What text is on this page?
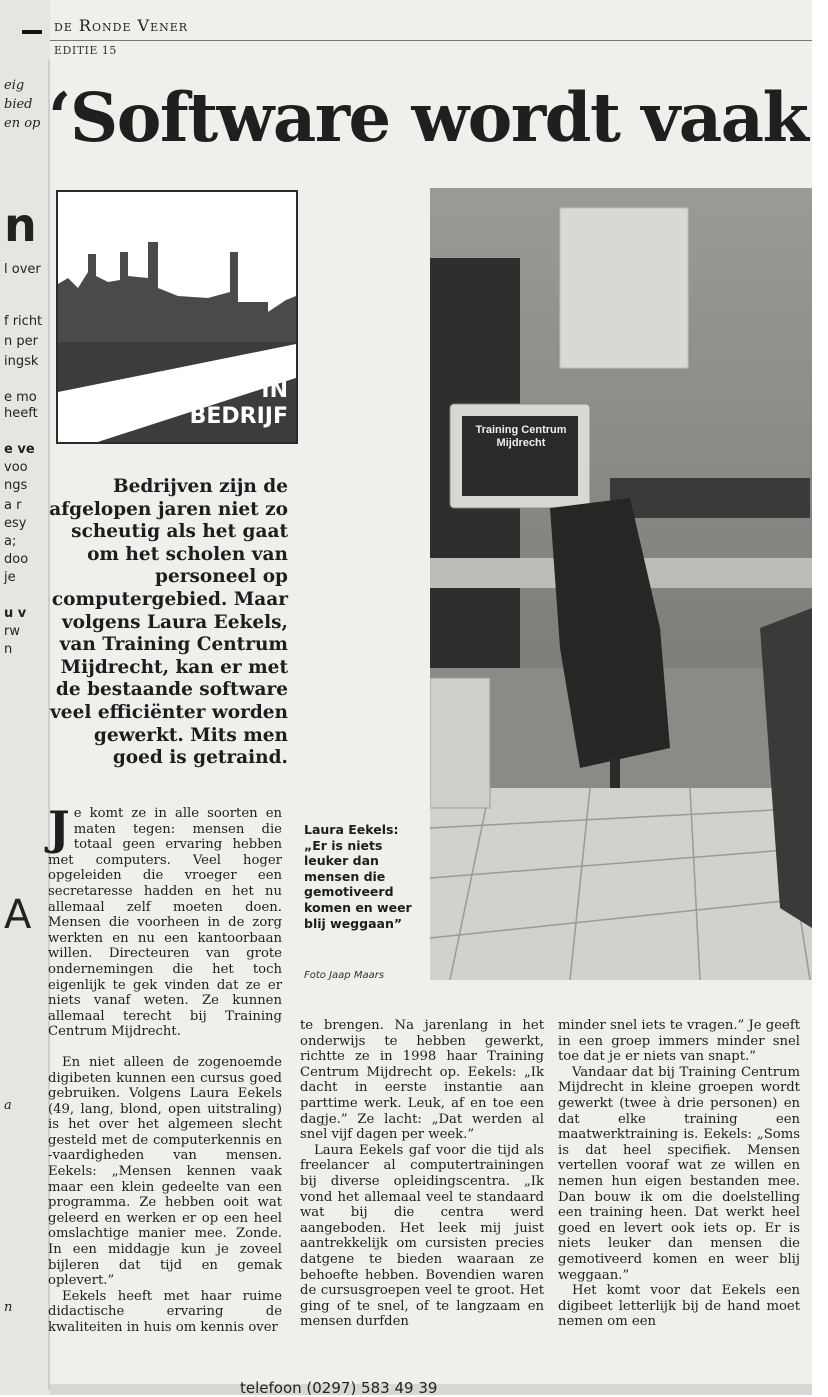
eig
bied
en op
n
l over
f richt
n per
ingsk
e mo
heeft
e ve
voo
ngs
a r
esy
a;
doo
je
u v
rw
n
A
a
n
de Ronde Vener
EDITIE 15
‘Software wordt vaak
IN
BEDRIJF
Bedrijven zijn de afgelopen jaren niet zo scheutig als het gaat om het scholen van personeel op computergebied. Maar volgens Laura Eekels, van Training Centrum Mijdrecht, kan er met de bestaande software veel efficiënter worden gewerkt. Mits men goed is getraind.
Training Centrum Mijdrecht
Laura Eekels: „Er is niets leuker dan mensen die gemotiveerd komen en weer blij weggaan”
Foto Jaap Maars

Je komt ze in alle soorten en maten tegen: mensen die totaal geen ervaring hebben met computers. Veel hoger opgeleiden die vroeger een secretaresse hadden en het nu allemaal zelf moeten doen. Mensen die voorheen in de zorg werkten en nu een kantoorbaan willen. Directeuren van grote ondernemingen die het toch eigenlijk te gek vinden dat ze er niets vanaf weten. Ze kunnen allemaal terecht bij Training Centrum Mijdrecht.

En niet alleen de zogenoemde digibeten kunnen een cursus goed gebruiken. Volgens Laura Eekels (49, lang, blond, open uitstraling) is het over het algemeen slecht gesteld met de computerkennis en -vaardigheden van mensen. Eekels: „Mensen kennen vaak maar een klein gedeelte van een programma. Ze hebben ooit wat geleerd en werken er op een heel omslachtige manier mee. Zonde. In een middagje kun je zoveel bijleren dat tijd en gemak oplevert.”

Eekels heeft met haar ruime didactische ervaring de kwaliteiten in huis om kennis over

te brengen. Na jarenlang in het onderwijs te hebben gewerkt, richtte ze in 1998 haar Training Centrum Mijdrecht op. Eekels: „Ik dacht in eerste instantie aan parttime werk. Leuk, af en toe een dagje.” Ze lacht: „Dat werden al snel vijf dagen per week.”

Laura Eekels gaf voor die tijd als freelancer al computertrainingen bij diverse opleidingscentra. „Ik vond het allemaal veel te standaard wat bij die centra werd aangeboden. Het leek mij juist aantrekkelijk om cursisten precies datgene te bieden waaraan ze behoefte hebben. Bovendien waren de cursusgroepen veel te groot. Het ging of te snel, of te langzaam en mensen durfden

minder snel iets te vragen.” Je geeft in een groep immers minder snel toe dat je er niets van snapt.”

Vandaar dat bij Training Centrum Mijdrecht in kleine groepen wordt gewerkt (twee à drie personen) en dat elke training een maatwerktraining is. Eekels: „Soms is dat heel specifiek. Mensen vertellen vooraf wat ze willen en nemen hun eigen bestanden mee. Dan bouw ik om die doelstelling een training heen. Dat werkt heel goed en levert ook iets op. Er is niets leuker dan mensen die gemotiveerd komen en weer blij weggaan.”

Het komt voor dat Eekels een digibeet letterlijk bij de hand moet nemen om een

telefoon (0297) 583 49 39
